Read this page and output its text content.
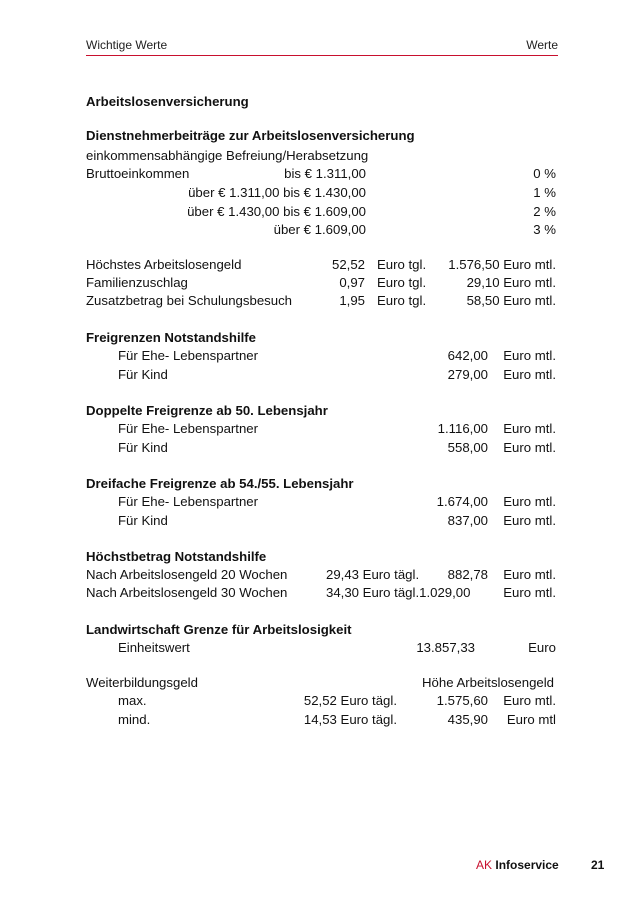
Wichtige Werte	Werte
Arbeitslosenversicherung
Dienstnehmerbeiträge zur Arbeitslosenversicherung
einkommensabhängige Befreiung/Herabsetzung
Bruttoeinkommen	bis € 1.311,00	0 %
über € 1.311,00 bis € 1.430,00	1 %
über € 1.430,00 bis € 1.609,00	2 %
über € 1.609,00	3 %
Höchstes Arbeitslosengeld	52,52 Euro tgl. 1.576,50 Euro mtl.
Familienzuschlag	0,97 Euro tgl.	29,10 Euro mtl.
Zusatzbetrag bei Schulungsbesuch	1,95 Euro tgl.	58,50 Euro mtl.
Freigrenzen Notstandshilfe
Für Ehe- Lebenspartner	642,00 Euro mtl.
Für Kind	279,00 Euro mtl.
Doppelte Freigrenze ab 50. Lebensjahr
Für Ehe- Lebenspartner	1.116,00 Euro mtl.
Für Kind	558,00 Euro mtl.
Dreifache Freigrenze ab 54./55. Lebensjahr
Für Ehe- Lebenspartner	1.674,00 Euro mtl.
Für Kind	837,00 Euro mtl.
Höchstbetrag Notstandshilfe
Nach Arbeitslosengeld 20 Wochen	29,43 Euro tägl. 882,78 Euro mtl.
Nach Arbeitslosengeld 30 Wochen	34,30 Euro tägl.1.029,00 Euro mtl.
Landwirtschaft Grenze für Arbeitslosigkeit
Einheitswert	13.857,33	Euro
Weiterbildungsgeld	Höhe Arbeitslosengeld
max.	52,52 Euro tägl.	1.575,60 Euro mtl.
mind.	14,53 Euro tägl.	435,90 Euro mtl
AK Infoservice	21
